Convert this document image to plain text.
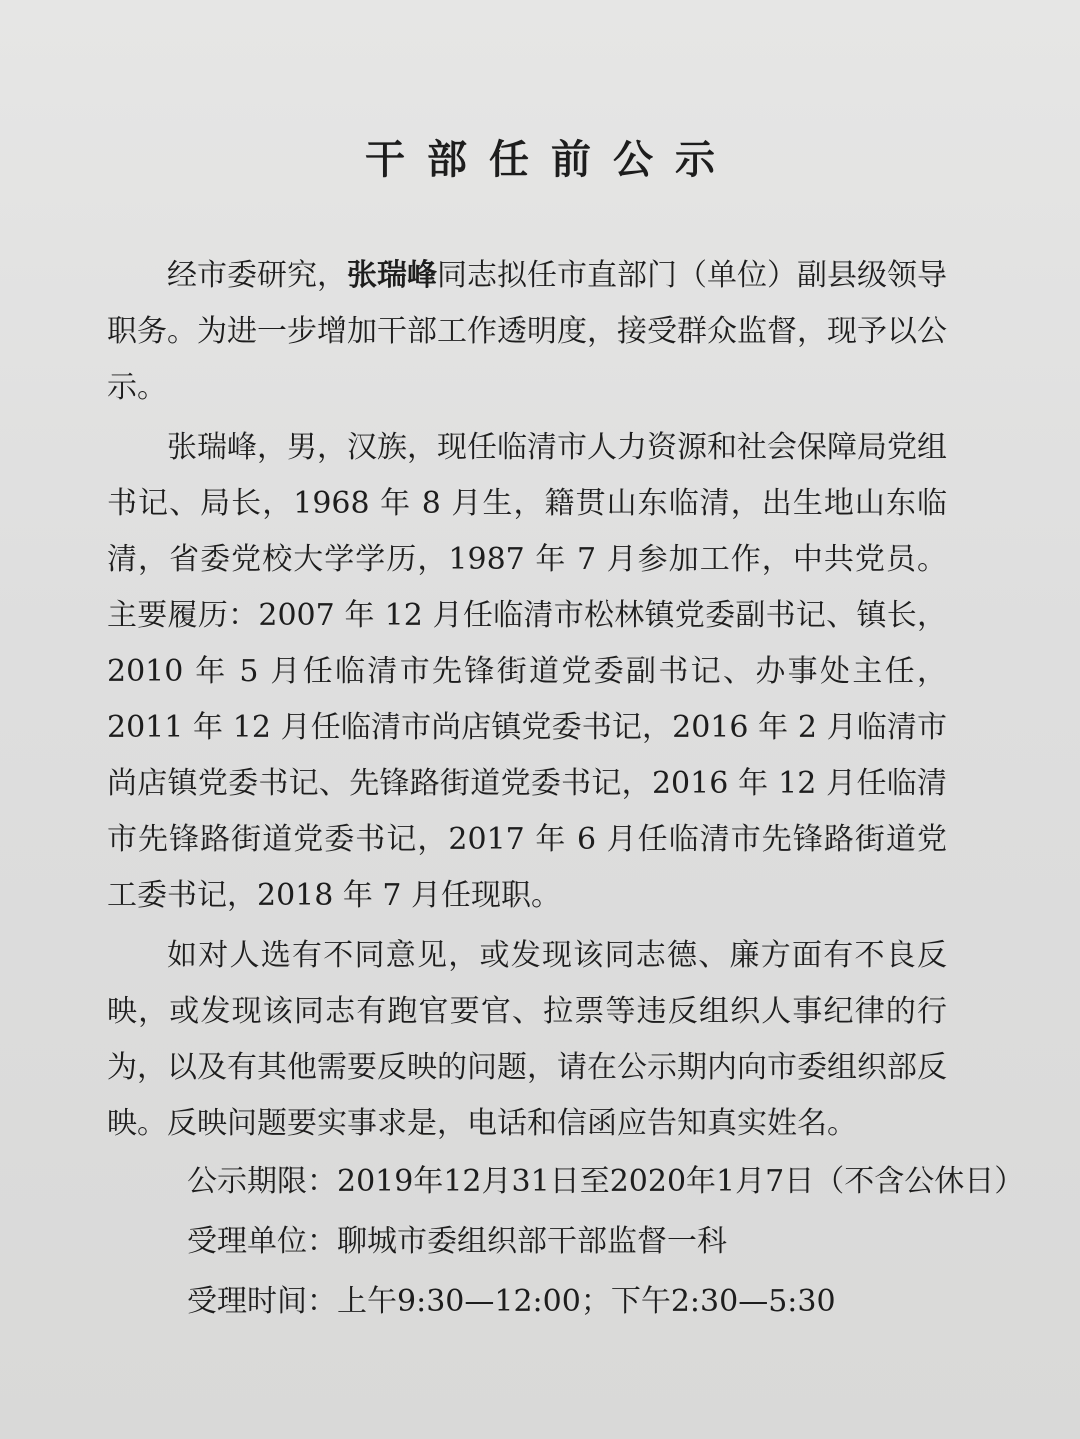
干部任前公示

经市委研究，张瑞峰同志拟任市直部门（单位）副县级领导职务。为进一步增加干部工作透明度，接受群众监督，现予以公示。

张瑞峰，男，汉族，现任临清市人力资源和社会保障局党组书记、局长，1968 年 8 月生，籍贯山东临清，出生地山东临清，省委党校大学学历，1987 年 7 月参加工作，中共党员。主要履历：2007 年 12 月任临清市松林镇党委副书记、镇长，2010 年 5 月任临清市先锋街道党委副书记、办事处主任，2011 年 12 月任临清市尚店镇党委书记，2016 年 2 月临清市尚店镇党委书记、先锋路街道党委书记，2016 年 12 月任临清市先锋路街道党委书记，2017 年 6 月任临清市先锋路街道党工委书记，2018 年 7 月任现职。

如对人选有不同意见，或发现该同志德、廉方面有不良反映，或发现该同志有跑官要官、拉票等违反组织人事纪律的行为，以及有其他需要反映的问题，请在公示期内向市委组织部反映。反映问题要实事求是，电话和信函应告知真实姓名。

公示期限：2019年12月31日至2020年1月7日（不含公休日）

受理单位：聊城市委组织部干部监督一科

受理时间：上午9:30—12:00；下午2:30—5:30
